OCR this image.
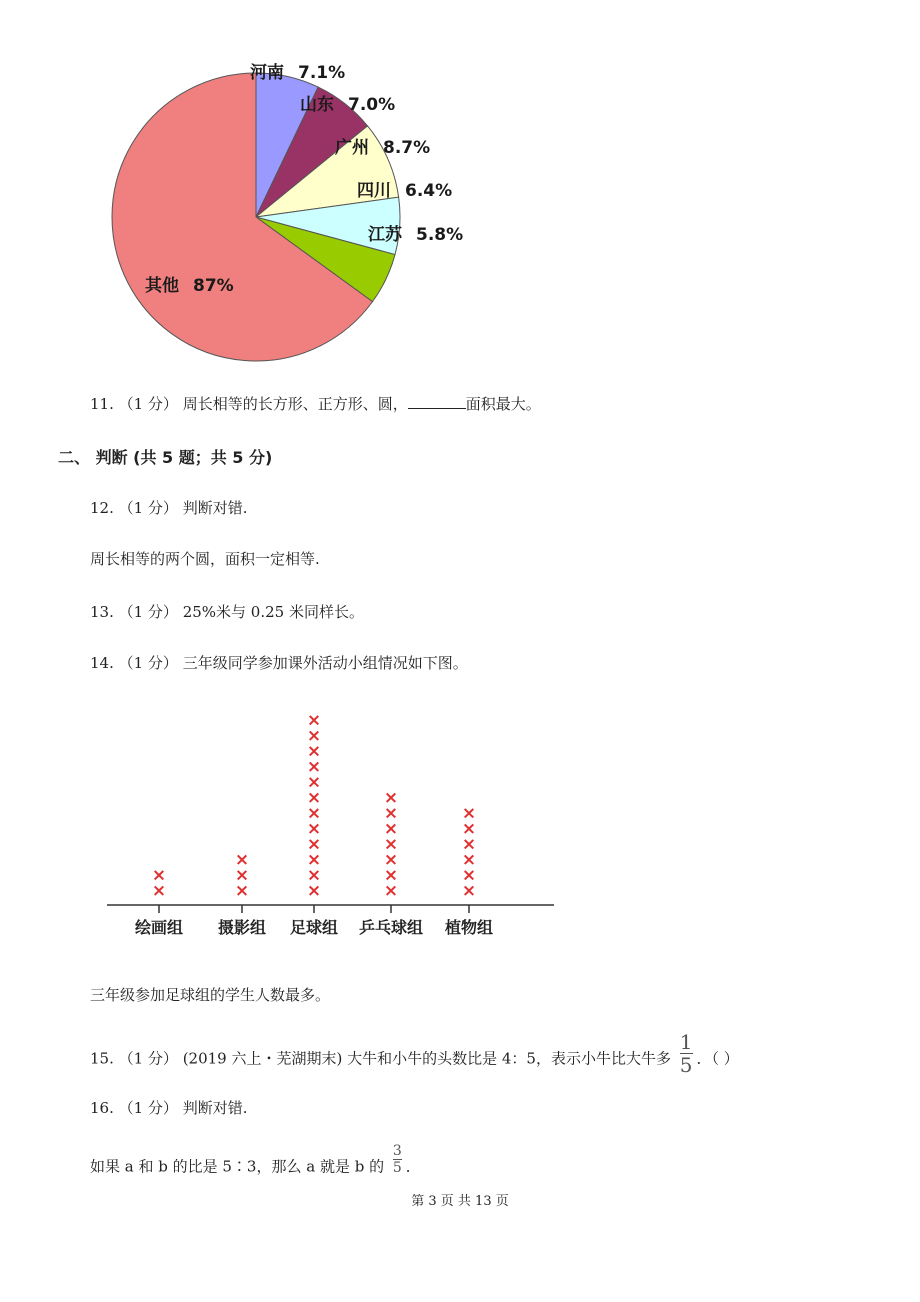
河南 7.1%
山东 7.0%
广州 8.7%
四川 6.4%
江苏 5.8%
其他 87%
11. （1 分） 周长相等的长方形、正方形、圆，	面积最大。
二、 判断 (共 5 题；共 5 分)
12. （1 分） 判断对错.
周长相等的两个圆，面积一定相等.
13. （1 分） 25%米与 0.25 米同样长。
14. （1 分） 三年级同学参加课外活动小组情况如下图。
×
×
×
×
×
×
×
×
×
×
×
×
×
×
×
×
×
×
×
×
×
×
×
×
×
×
×
×
×
×
绘画组 摄影组 足球组 乒乓球组 植物组
三年级参加足球组的学生人数最多。
15. （1 分） (2019 六上・芜湖期末) 大牛和小牛的头数比是 4：5，表示小牛比大牛多 $\frac{1}{5}$ ．（ ）
16. （1 分） 判断对错.
如果 a 和 b 的比是 5∶3，那么 a 就是 b 的 $\frac{3}{5}$ ．
第 3 页 共 13 页
